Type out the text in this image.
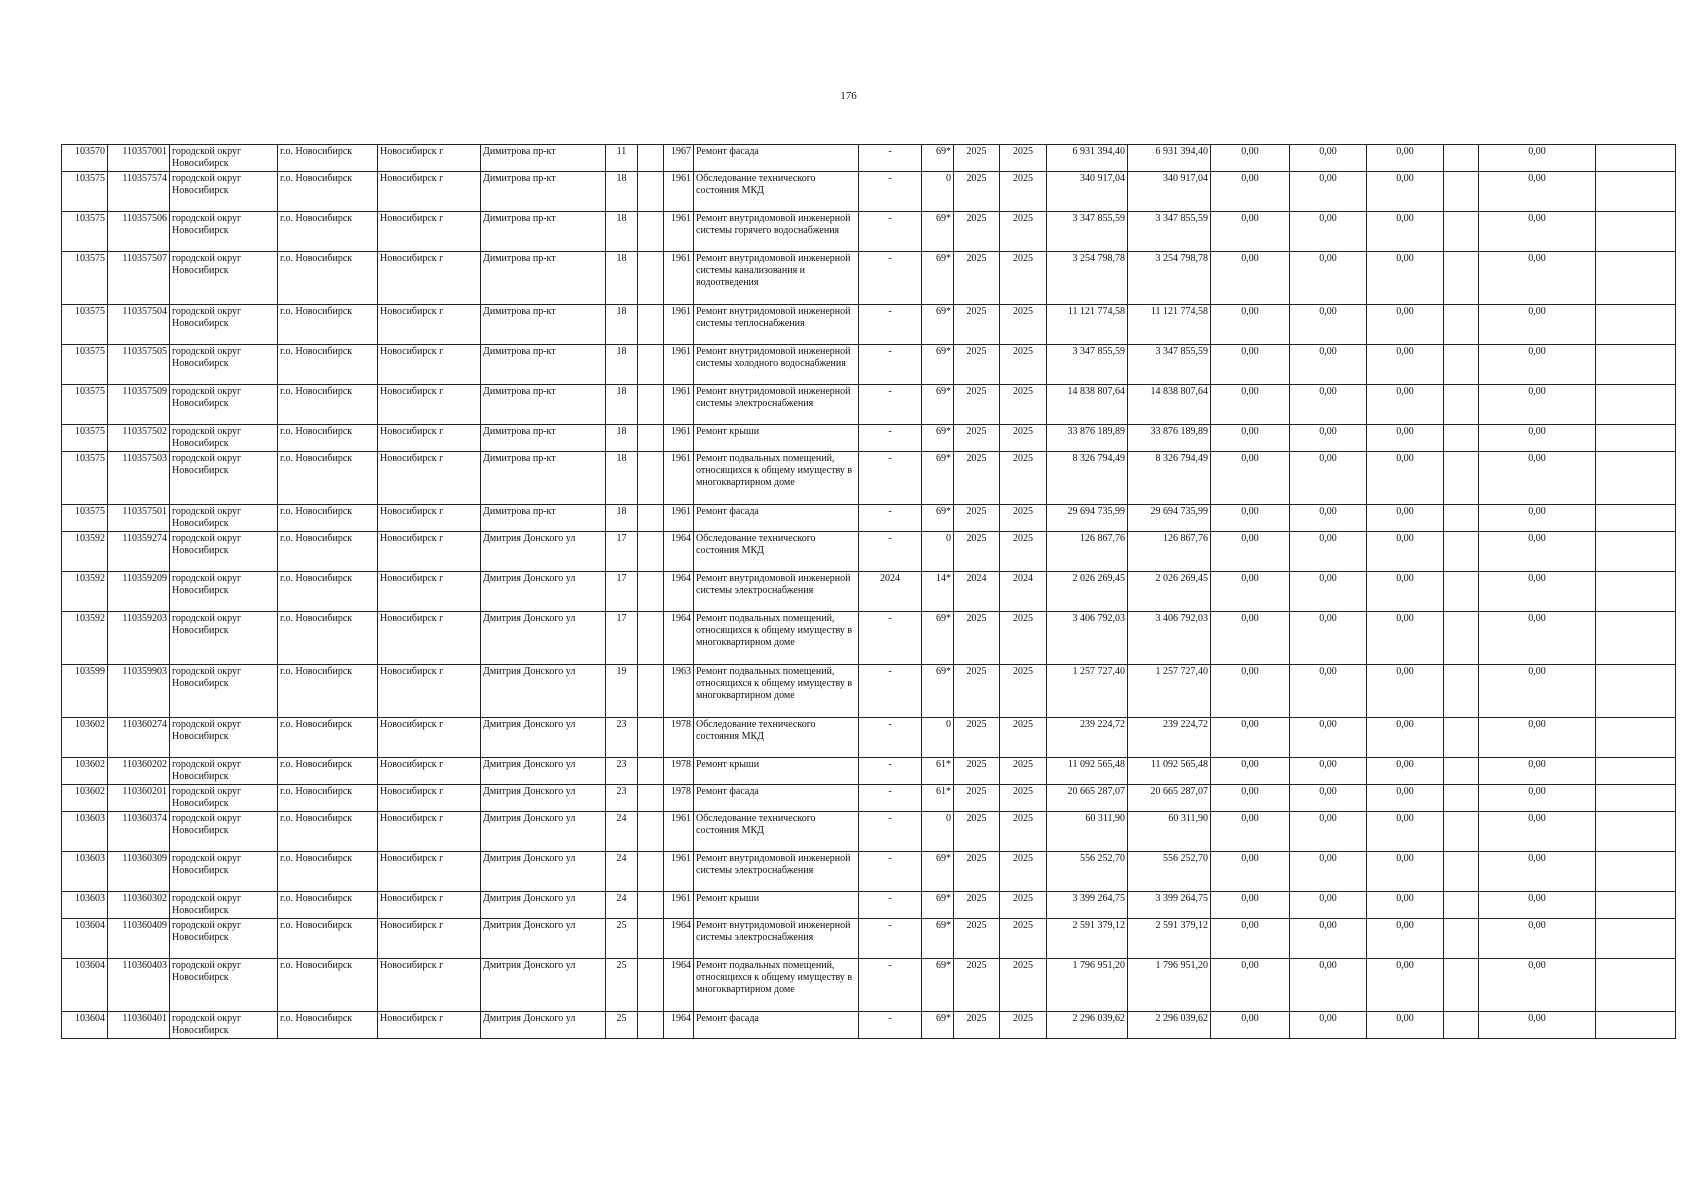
176
103570	110357001	городской округ Новосибирск	г.о. Новосибирск	Новосибирск г	Димитрова пр-кт	11		1967	Ремонт фасада	-	69*	2025	2025	6 931 394,40	6 931 394,40	0,00	0,00	0,00		0,00	
103575	110357574	городской округ Новосибирск	г.о. Новосибирск	Новосибирск г	Димитрова пр-кт	18		1961	Обследование технического состояния МКД	-	0	2025	2025	340 917,04	340 917,04	0,00	0,00	0,00		0,00	
103575	110357506	городской округ Новосибирск	г.о. Новосибирск	Новосибирск г	Димитрова пр-кт	18		1961	Ремонт внутридомовой инженерной системы горячего водоснабжения	-	69*	2025	2025	3 347 855,59	3 347 855,59	0,00	0,00	0,00		0,00	
103575	110357507	городской округ Новосибирск	г.о. Новосибирск	Новосибирск г	Димитрова пр-кт	18		1961	Ремонт внутридомовой инженерной системы канализования и водоотведения	-	69*	2025	2025	3 254 798,78	3 254 798,78	0,00	0,00	0,00		0,00	
103575	110357504	городской округ Новосибирск	г.о. Новосибирск	Новосибирск г	Димитрова пр-кт	18		1961	Ремонт внутридомовой инженерной системы теплоснабжения	-	69*	2025	2025	11 121 774,58	11 121 774,58	0,00	0,00	0,00		0,00	
103575	110357505	городской округ Новосибирск	г.о. Новосибирск	Новосибирск г	Димитрова пр-кт	18		1961	Ремонт внутридомовой инженерной системы холодного водоснабжения	-	69*	2025	2025	3 347 855,59	3 347 855,59	0,00	0,00	0,00		0,00	
103575	110357509	городской округ Новосибирск	г.о. Новосибирск	Новосибирск г	Димитрова пр-кт	18		1961	Ремонт внутридомовой инженерной системы электроснабжения	-	69*	2025	2025	14 838 807,64	14 838 807,64	0,00	0,00	0,00		0,00	
103575	110357502	городской округ Новосибирск	г.о. Новосибирск	Новосибирск г	Димитрова пр-кт	18		1961	Ремонт крыши	-	69*	2025	2025	33 876 189,89	33 876 189,89	0,00	0,00	0,00		0,00	
103575	110357503	городской округ Новосибирск	г.о. Новосибирск	Новосибирск г	Димитрова пр-кт	18		1961	Ремонт подвальных помещений, относящихся к общему имуществу в многоквартирном доме	-	69*	2025	2025	8 326 794,49	8 326 794,49	0,00	0,00	0,00		0,00	
103575	110357501	городской округ Новосибирск	г.о. Новосибирск	Новосибирск г	Димитрова пр-кт	18		1961	Ремонт фасада	-	69*	2025	2025	29 694 735,99	29 694 735,99	0,00	0,00	0,00		0,00	
103592	110359274	городской округ Новосибирск	г.о. Новосибирск	Новосибирск г	Дмитрия Донского ул	17		1964	Обследование технического состояния МКД	-	0	2025	2025	126 867,76	126 867,76	0,00	0,00	0,00		0,00	
103592	110359209	городской округ Новосибирск	г.о. Новосибирск	Новосибирск г	Дмитрия Донского ул	17		1964	Ремонт внутридомовой инженерной системы электроснабжения	2024	14*	2024	2024	2 026 269,45	2 026 269,45	0,00	0,00	0,00		0,00	
103592	110359203	городской округ Новосибирск	г.о. Новосибирск	Новосибирск г	Дмитрия Донского ул	17		1964	Ремонт подвальных помещений, относящихся к общему имуществу в многоквартирном доме	-	69*	2025	2025	3 406 792,03	3 406 792,03	0,00	0,00	0,00		0,00	
103599	110359903	городской округ Новосибирск	г.о. Новосибирск	Новосибирск г	Дмитрия Донского ул	19		1963	Ремонт подвальных помещений, относящихся к общему имуществу в многоквартирном доме	-	69*	2025	2025	1 257 727,40	1 257 727,40	0,00	0,00	0,00		0,00	
103602	110360274	городской округ Новосибирск	г.о. Новосибирск	Новосибирск г	Дмитрия Донского ул	23		1978	Обследование технического состояния МКД	-	0	2025	2025	239 224,72	239 224,72	0,00	0,00	0,00		0,00	
103602	110360202	городской округ Новосибирск	г.о. Новосибирск	Новосибирск г	Дмитрия Донского ул	23		1978	Ремонт крыши	-	61*	2025	2025	11 092 565,48	11 092 565,48	0,00	0,00	0,00		0,00	
103602	110360201	городской округ Новосибирск	г.о. Новосибирск	Новосибирск г	Дмитрия Донского ул	23		1978	Ремонт фасада	-	61*	2025	2025	20 665 287,07	20 665 287,07	0,00	0,00	0,00		0,00	
103603	110360374	городской округ Новосибирск	г.о. Новосибирск	Новосибирск г	Дмитрия Донского ул	24		1961	Обследование технического состояния МКД	-	0	2025	2025	60 311,90	60 311,90	0,00	0,00	0,00		0,00	
103603	110360309	городской округ Новосибирск	г.о. Новосибирск	Новосибирск г	Дмитрия Донского ул	24		1961	Ремонт внутридомовой инженерной системы электроснабжения	-	69*	2025	2025	556 252,70	556 252,70	0,00	0,00	0,00		0,00	
103603	110360302	городской округ Новосибирск	г.о. Новосибирск	Новосибирск г	Дмитрия Донского ул	24		1961	Ремонт крыши	-	69*	2025	2025	3 399 264,75	3 399 264,75	0,00	0,00	0,00		0,00	
103604	110360409	городской округ Новосибирск	г.о. Новосибирск	Новосибирск г	Дмитрия Донского ул	25		1964	Ремонт внутридомовой инженерной системы электроснабжения	-	69*	2025	2025	2 591 379,12	2 591 379,12	0,00	0,00	0,00		0,00	
103604	110360403	городской округ Новосибирск	г.о. Новосибирск	Новосибирск г	Дмитрия Донского ул	25		1964	Ремонт подвальных помещений, относящихся к общему имуществу в многоквартирном доме	-	69*	2025	2025	1 796 951,20	1 796 951,20	0,00	0,00	0,00		0,00	
103604	110360401	городской округ Новосибирск	г.о. Новосибирск	Новосибирск г	Дмитрия Донского ул	25		1964	Ремонт фасада	-	69*	2025	2025	2 296 039,62	2 296 039,62	0,00	0,00	0,00		0,00	
